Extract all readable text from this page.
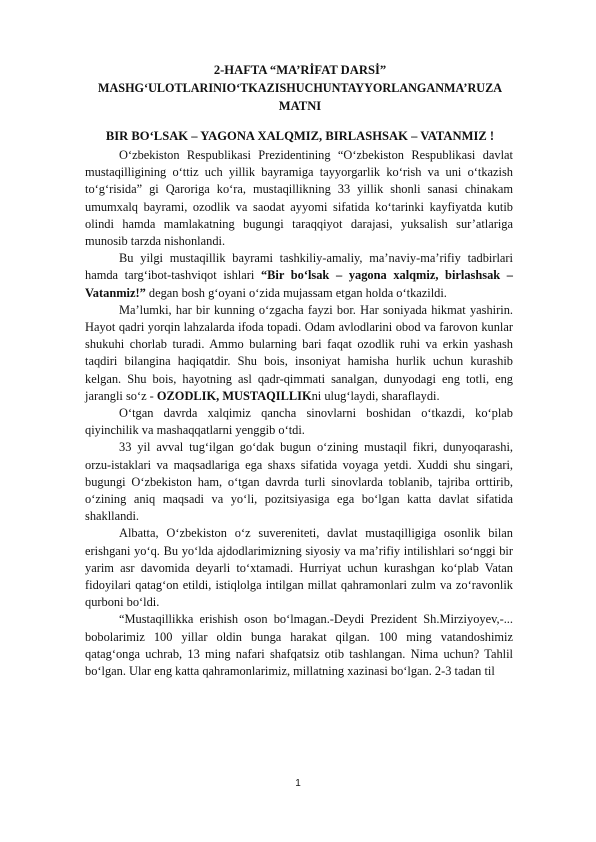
2-HAFTA “MA’RİFAT DARSİ”
MASHG‘ULOTLARINIO‘TKAZISHUCHUNTAYYORLANGANMA’RUZA
MATNI
BIR BO‘LSAK – YAGONA XALQMIZ, BIRLASHSAK – VATANMIZ !

O‘zbekiston Respublikasi Prezidentining “O‘zbekiston Respublikasi davlat mustaqilligining o‘ttiz uch yillik bayramiga tayyorgarlik ko‘rish va uni o‘tkazish to‘g‘risida” gi Qaroriga ko‘ra, mustaqillikning 33 yillik shonli sanasi chinakam umumxalq bayrami, ozodlik va saodat ayyomi sifatida ko‘tarinki kayfiyatda kutib olindi hamda mamlakatning bugungi taraqqiyot darajasi, yuksalish sur’atlariga munosib tarzda nishonlandi.

Bu yilgi mustaqillik bayrami tashkiliy-amaliy, ma’naviy-ma’rifiy tadbirlari hamda targ‘ibot-tashviqot ishlari “Bir bo‘lsak – yagona xalqmiz, birlashsak – Vatanmiz!” degan bosh g‘oyani o‘zida mujassam etgan holda o‘tkazildi.

Ma’lumki, har bir kunning o‘zgacha fayzi bor. Har soniyada hikmat yashirin. Hayot qadri yorqin lahzalarda ifoda topadi. Odam avlodlarini obod va farovon kunlar shukuhi chorlab turadi. Ammo bularning bari faqat ozodlik ruhi va erkin yashash taqdiri bilangina haqiqatdir. Shu bois, insoniyat hamisha hurlik uchun kurashib kelgan. Shu bois, hayotning asl qadr-qimmati sanalgan, dunyodagi eng totli, eng jarangli so‘z - OZODLIK, MUSTAQILLIKni ulug‘laydi, sharaflaydi.

O‘tgan davrda xalqimiz qancha sinovlarni boshidan o‘tkazdi, ko‘plab qiyinchilik va mashaqqatlarni yenggib o‘tdi.

33 yil avval tug‘ilgan go‘dak bugun o‘zining mustaqil fikri, dunyoqarashi, orzu-istaklari va maqsadlariga ega shaxs sifatida voyaga yetdi. Xuddi shu singari, bugungi O‘zbekiston ham, o‘tgan davrda turli sinovlarda toblanib, tajriba orttirib, o‘zining aniq maqsadi va yo‘li, pozitsiyasiga ega bo‘lgan katta davlat sifatida shakllandi.

Albatta, O‘zbekiston o‘z suvereniteti, davlat mustaqilligiga osonlik bilan erishgani yo‘q. Bu yo‘lda ajdodlarimizning siyosiy va ma’rifiy intilishlari so‘nggi bir yarim asr davomida deyarli to‘xtamadi. Hurriyat uchun kurashgan ko‘plab Vatan fidoyilari qatag‘on etildi, istiqlolga intilgan millat qahramonlari zulm va zo‘ravonlik qurboni bo‘ldi.

“Mustaqillikka erishish oson bo‘lmagan.-Deydi Prezident Sh.Mirziyoyev,-... bobolarimiz 100 yillar oldin bunga harakat qilgan. 100 ming vatandoshimiz qatag‘onga uchrab, 13 ming nafari shafqatsiz otib tashlangan. Nima uchun? Tahlil bo‘lgan. Ular eng katta qahramonlarimiz, millatning xazinasi bo‘lgan. 2-3 tadan til

1
